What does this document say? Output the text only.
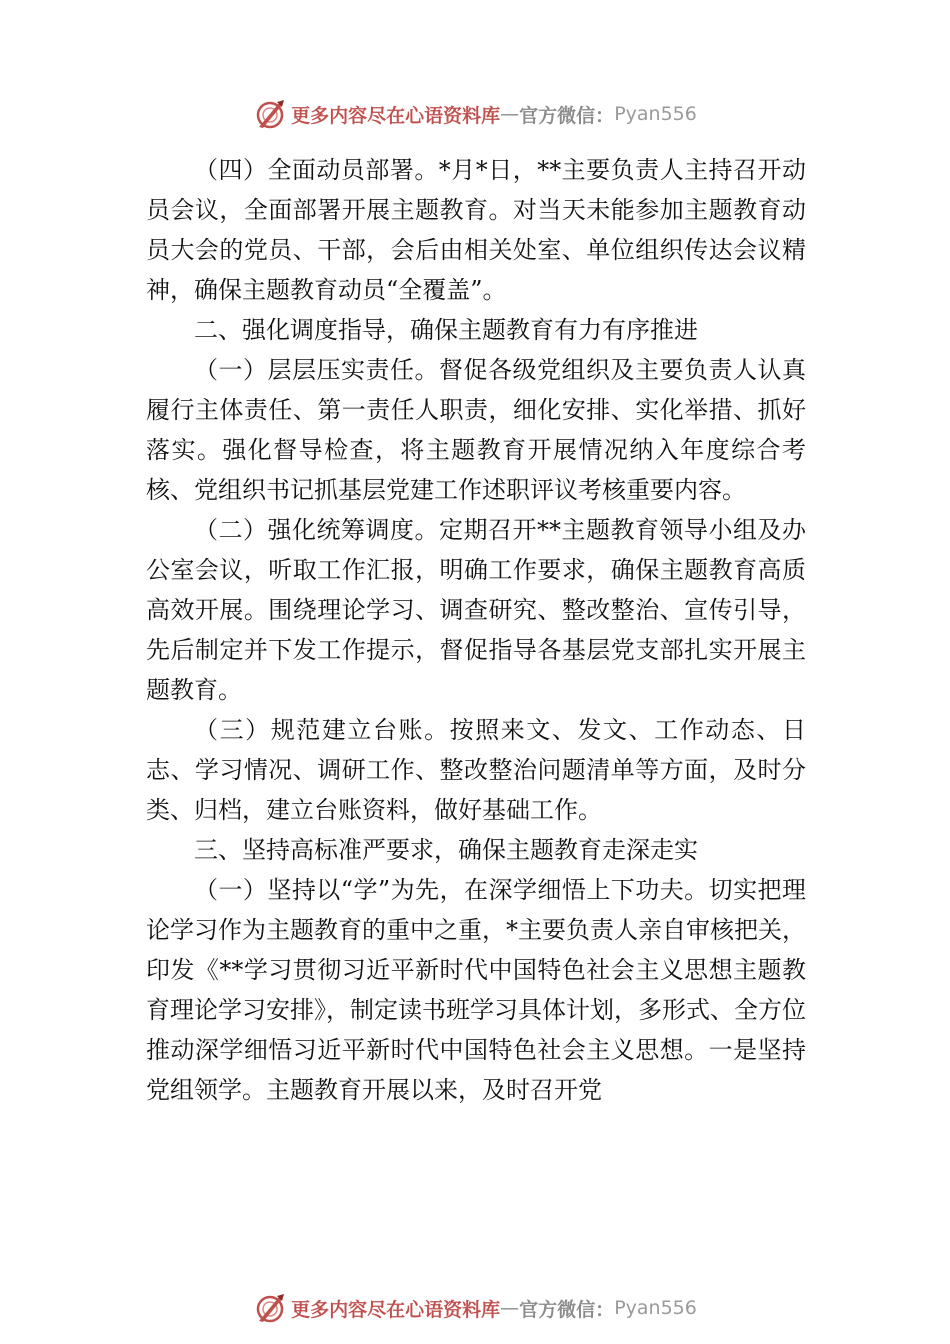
更多内容尽在心语资料库 — 官方微信： Pyan556

（四）全面动员部署。*月*日，**主要负责人主持召开动员会议，全面部署开展主题教育。对当天未能参加主题教育动员大会的党员、干部，会后由相关处室、单位组织传达会议精神，确保主题教育动员“全覆盖”。

二、强化调度指导，确保主题教育有力有序推进

（一）层层压实责任。督促各级党组织及主要负责人认真履行主体责任、第一责任人职责，细化安排、实化举措、抓好落实。强化督导检查，将主题教育开展情况纳入年度综合考核、党组织书记抓基层党建工作述职评议考核重要内容。

（二）强化统筹调度。定期召开**主题教育领导小组及办公室会议，听取工作汇报，明确工作要求，确保主题教育高质高效开展。围绕理论学习、调查研究、整改整治、宣传引导，先后制定并下发工作提示，督促指导各基层党支部扎实开展主题教育。

（三）规范建立台账。按照来文、发文、工作动态、日志、学习情况、调研工作、整改整治问题清单等方面，及时分类、归档，建立台账资料，做好基础工作。

三、坚持高标准严要求，确保主题教育走深走实

（一）坚持以“学”为先，在深学细悟上下功夫。切实把理论学习作为主题教育的重中之重，*主要负责人亲自审核把关，印发《**学习贯彻习近平新时代中国特色社会主义思想主题教育理论学习安排》，制定读书班学习具体计划，多形式、全方位推动深学细悟习近平新时代中国特色社会主义思想。一是坚持党组领学。主题教育开展以来，及时召开党

更多内容尽在心语资料库 — 官方微信： Pyan556
